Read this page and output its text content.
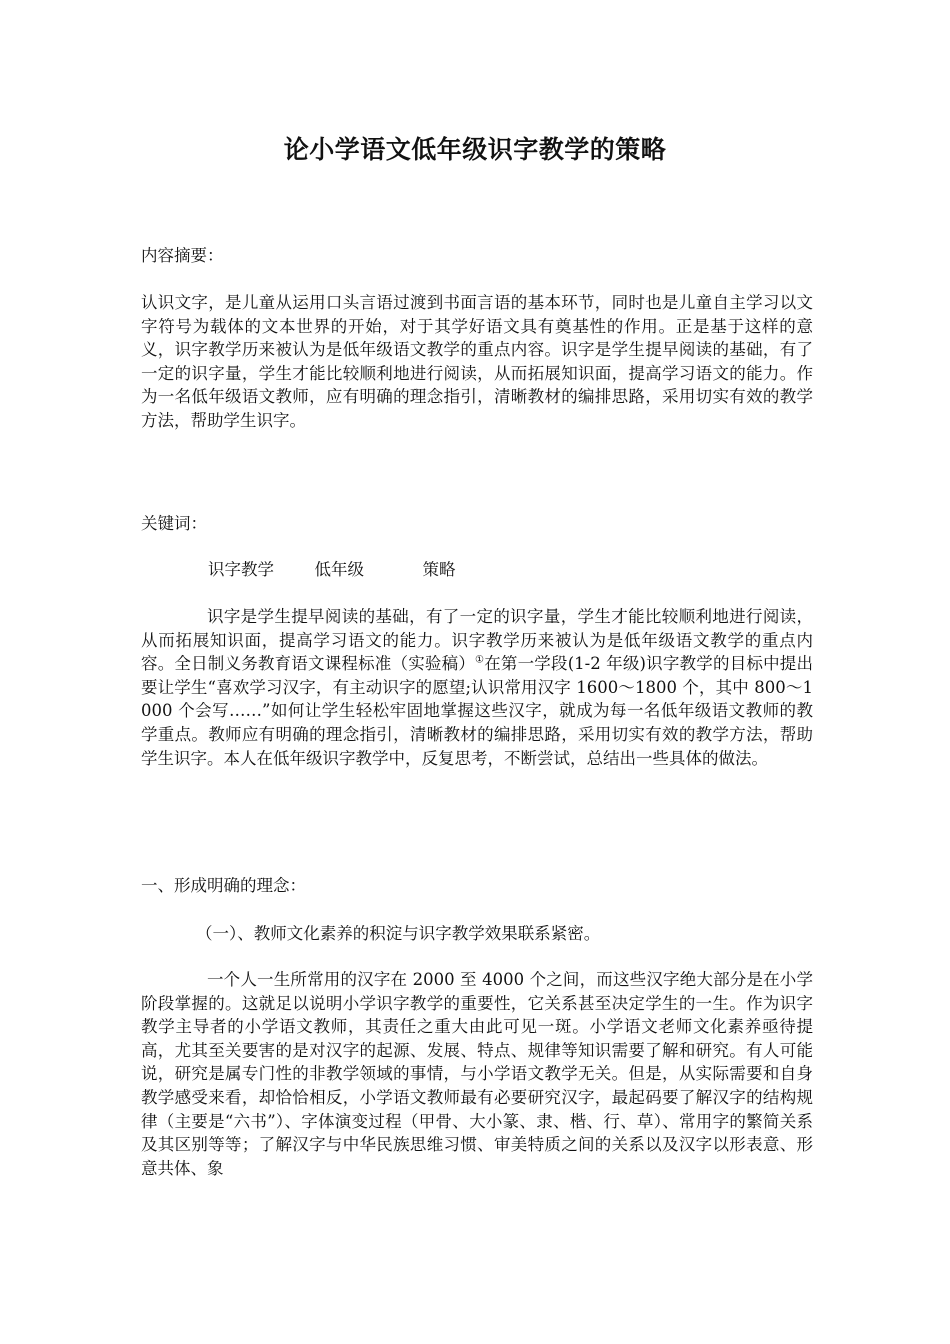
论小学语文低年级识字教学的策略
内容摘要：
认识文字，是儿童从运用口头言语过渡到书面言语的基本环节，同时也是儿童自主学习以文字符号为载体的文本世界的开始，对于其学好语文具有奠基性的作用。正是基于这样的意义，识字教学历来被认为是低年级语文教学的重点内容。识字是学生提早阅读的基础，有了一定的识字量，学生才能比较顺利地进行阅读，从而拓展知识面，提高学习语文的能力。作为一名低年级语文教师，应有明确的理念指引，清晰教材的编排思路，采用切实有效的教学方法，帮助学生识字。
关键词：
识字教学 低年级	策略
识字是学生提早阅读的基础，有了一定的识字量，学生才能比较顺利地进行阅读，从而拓展知识面，提高学习语文的能力。识字教学历来被认为是低年级语文教学的重点内容。全日制义务教育语文课程标准（实验稿）①在第一学段(1-2 年级)识字教学的目标中提出要让学生“喜欢学习汉字，有主动识字的愿望;认识常用汉字 1600～1800 个，其中 800～1000 个会写……”如何让学生轻松牢固地掌握这些汉字，就成为每一名低年级语文教师的教学重点。教师应有明确的理念指引，清晰教材的编排思路，采用切实有效的教学方法，帮助学生识字。本人在低年级识字教学中，反复思考，不断尝试，总结出一些具体的做法。
一、形成明确的理念：
（一）、教师文化素养的积淀与识字教学效果联系紧密。
一个人一生所常用的汉字在 2000 至 4000 个之间，而这些汉字绝大部分是在小学阶段掌握的。这就足以说明小学识字教学的重要性，它关系甚至决定学生的一生。作为识字教学主导者的小学语文教师，其责任之重大由此可见一斑。小学语文老师文化素养亟待提高，尤其至关要害的是对汉字的起源、发展、特点、规律等知识需要了解和研究。有人可能说，研究是属专门性的非教学领域的事情，与小学语文教学无关。但是，从实际需要和自身教学感受来看，却恰恰相反，小学语文教师最有必要研究汉字，最起码要了解汉字的结构规律（主要是“六书”）、字体演变过程（甲骨、大小篆、隶、楷、行、草）、常用字的繁简关系及其区别等等；了解汉字与中华民族思维习惯、审美特质之间的关系以及汉字以形表意、形意共体、象
